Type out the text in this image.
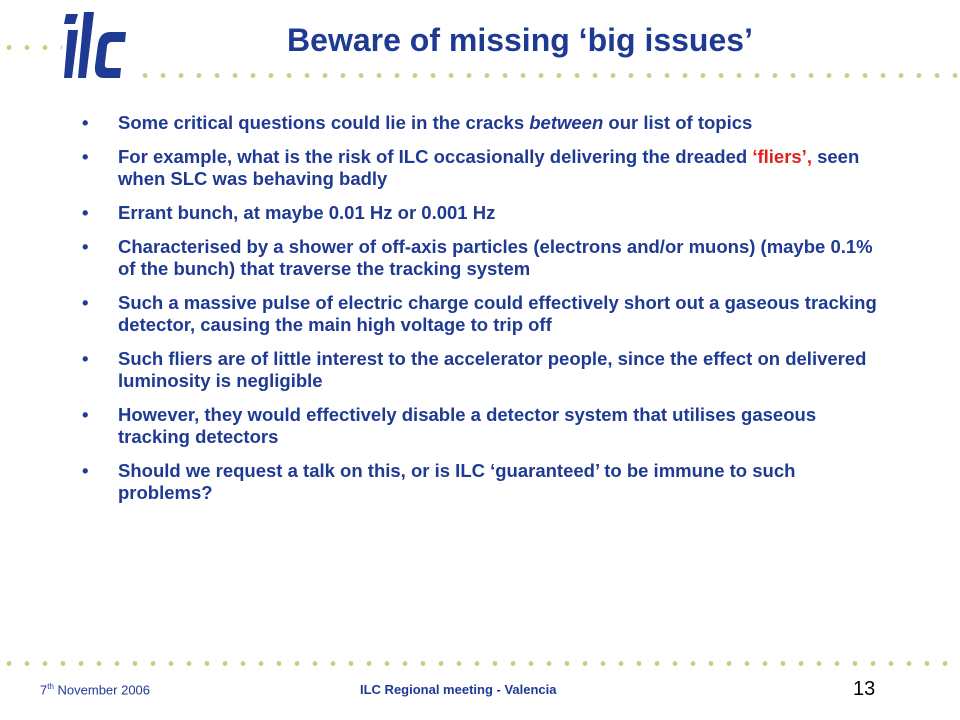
Beware of missing ‘big issues’
• Some critical questions could lie in the cracks between our list of topics
• For example, what is the risk of ILC occasionally delivering the dreaded ‘fliers’, seen when SLC was behaving badly
• Errant bunch, at maybe 0.01 Hz or 0.001 Hz
• Characterised by a shower of off-axis particles (electrons and/or muons) (maybe 0.1% of the bunch) that traverse the tracking system
• Such a massive pulse of electric charge could effectively short out a gaseous tracking detector, causing the main high voltage to trip off
• Such fliers are of little interest to the accelerator people, since the effect on delivered luminosity is negligible
• However, they would effectively disable a detector system that utilises gaseous tracking detectors
• Should we request a talk on this, or is ILC ‘guaranteed’ to be immune to such problems?
7th November 2006	ILC Regional meeting - Valencia	13
